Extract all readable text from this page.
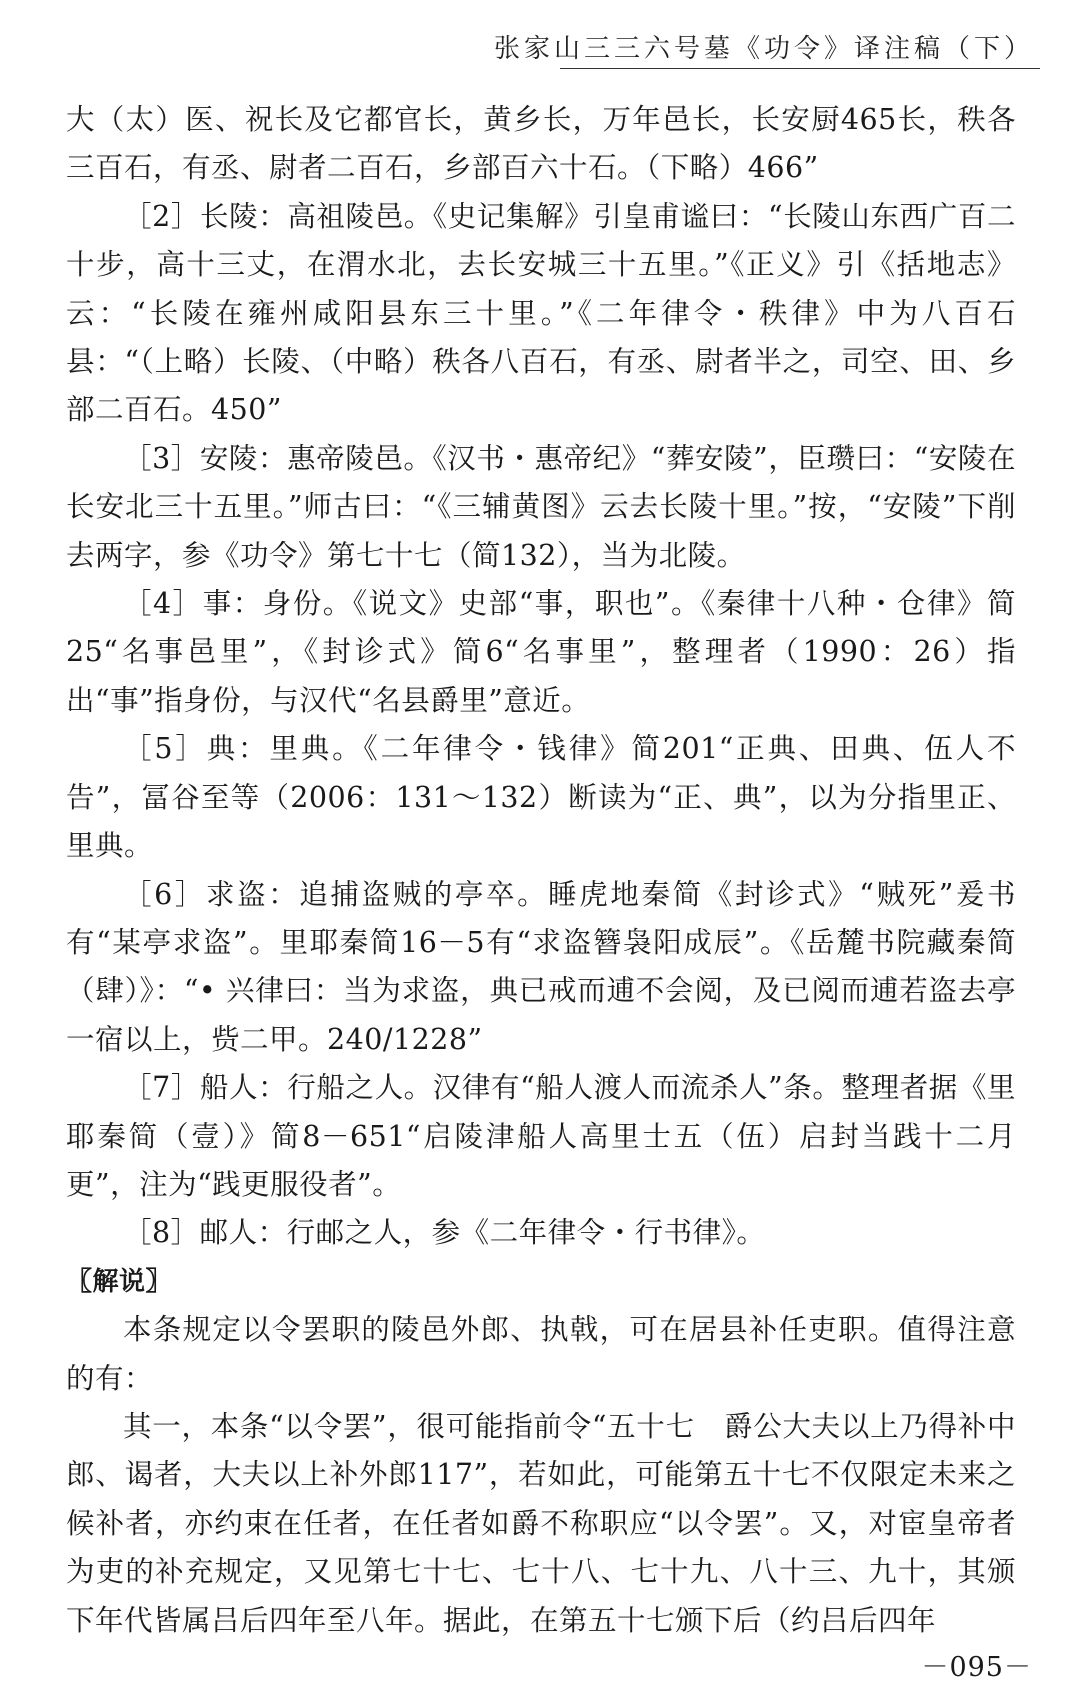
张家山三三六号墓《功令》译注稿（下）

大（太）医、祝长及它都官长，黄乡长，万年邑长，长安厨465长，秩各三百石，有丞、尉者二百石，乡部百六十石。（下略）466”

［2］长陵：高祖陵邑。《史记集解》引皇甫谧曰：“长陵山东西广百二十步，高十三丈，在渭水北，去长安城三十五里。”《正义》引《括地志》云：“长陵在雍州咸阳县东三十里。”《二年律令・秩律》中为八百石县：“（上略）长陵、（中略）秩各八百石，有丞、尉者半之，司空、田、乡部二百石。450”

［3］安陵：惠帝陵邑。《汉书・惠帝纪》“葬安陵”，臣瓒曰：“安陵在长安北三十五里。”师古曰：“《三辅黄图》云去长陵十里。”按，“安陵”下削去两字，参《功令》第七十七（简132），当为北陵。

［4］事：身份。《说文》史部“事，职也”。《秦律十八种・仓律》简25“名事邑里”，《封诊式》简6“名事里”，整理者（1990：26）指出“事”指身份，与汉代“名县爵里”意近。

［5］典：里典。《二年律令・钱律》简201“正典、田典、伍人不告”，冨谷至等（2006：131～132）断读为“正、典”，以为分指里正、里典。

［6］求盗：追捕盗贼的亭卒。睡虎地秦简《封诊式》“贼死”爰书有“某亭求盗”。里耶秦简16－5有“求盗簪袅阳成辰”。《岳麓书院藏秦简（肆）》：“• 兴律曰：当为求盗，典已戒而逋不会阅，及已阅而逋若盗去亭一宿以上，赀二甲。240/1228”

［7］船人：行船之人。汉律有“船人渡人而流杀人”条。整理者据《里耶秦简（壹）》简8－651“启陵津船人高里士五（伍）启封当践十二月更”，注为“践更服役者”。

［8］邮人：行邮之人，参《二年律令・行书律》。

〖解说〗

本条规定以令罢职的陵邑外郎、执戟，可在居县补任吏职。值得注意的有：

其一，本条“以令罢”，很可能指前令“五十七　爵公大夫以上乃得补中郎、谒者，大夫以上补外郎117”，若如此，可能第五十七不仅限定未来之候补者，亦约束在任者，在任者如爵不称职应“以令罢”。又，对宦皇帝者为吏的补充规定，又见第七十七、七十八、七十九、八十三、九十，其颁下年代皆属吕后四年至八年。据此，在第五十七颁下后（约吕后四年

－095－
